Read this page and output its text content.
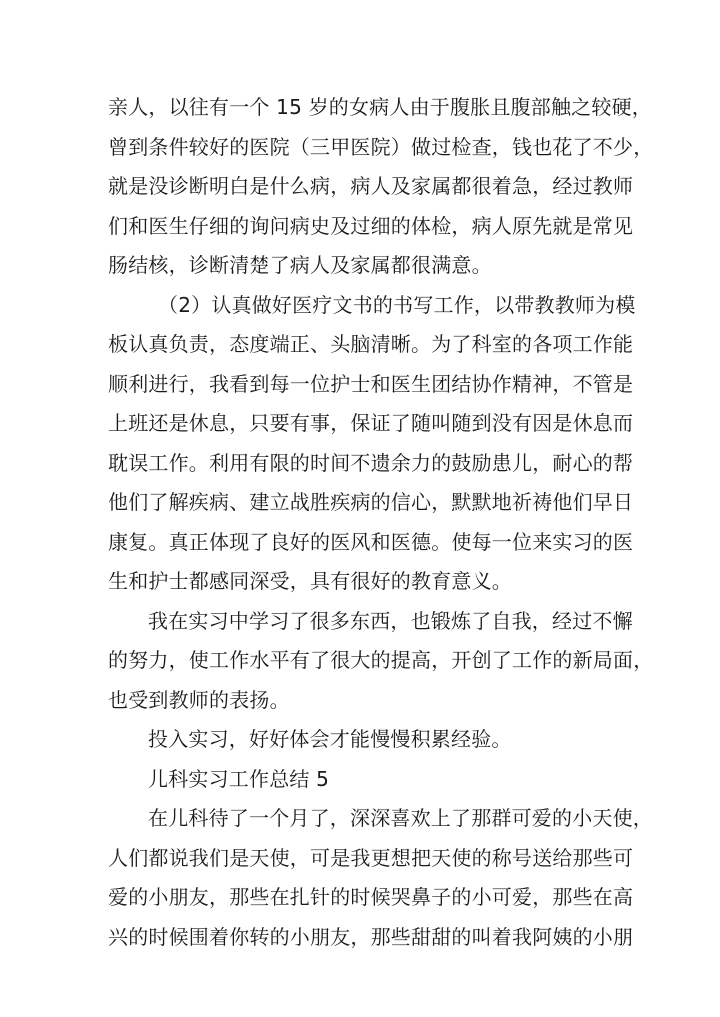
亲人，以往有一个 15 岁的女病人由于腹胀且腹部触之较硬，
曾到条件较好的医院（三甲医院）做过检查，钱也花了不少，
就是没诊断明白是什么病，病人及家属都很着急，经过教师
们和医生仔细的询问病史及过细的体检，病人原先就是常见
肠结核，诊断清楚了病人及家属都很满意。
（2）认真做好医疗文书的书写工作，以带教教师为模
板认真负责，态度端正、头脑清晰。为了科室的各项工作能
顺利进行，我看到每一位护士和医生团结协作精神，不管是
上班还是休息，只要有事，保证了随叫随到没有因是休息而
耽误工作。利用有限的时间不遗余力的鼓励患儿，耐心的帮
他们了解疾病、建立战胜疾病的信心，默默地祈祷他们早日
康复。真正体现了良好的医风和医德。使每一位来实习的医
生和护士都感同深受，具有很好的教育意义。
我在实习中学习了很多东西，也锻炼了自我，经过不懈
的努力，使工作水平有了很大的提高，开创了工作的新局面，
也受到教师的表扬。
投入实习，好好体会才能慢慢积累经验。
儿科实习工作总结 5
在儿科待了一个月了，深深喜欢上了那群可爱的小天使，
人们都说我们是天使，可是我更想把天使的称号送给那些可
爱的小朋友，那些在扎针的时候哭鼻子的小可爱，那些在高
兴的时候围着你转的小朋友，那些甜甜的叫着我阿姨的小朋
